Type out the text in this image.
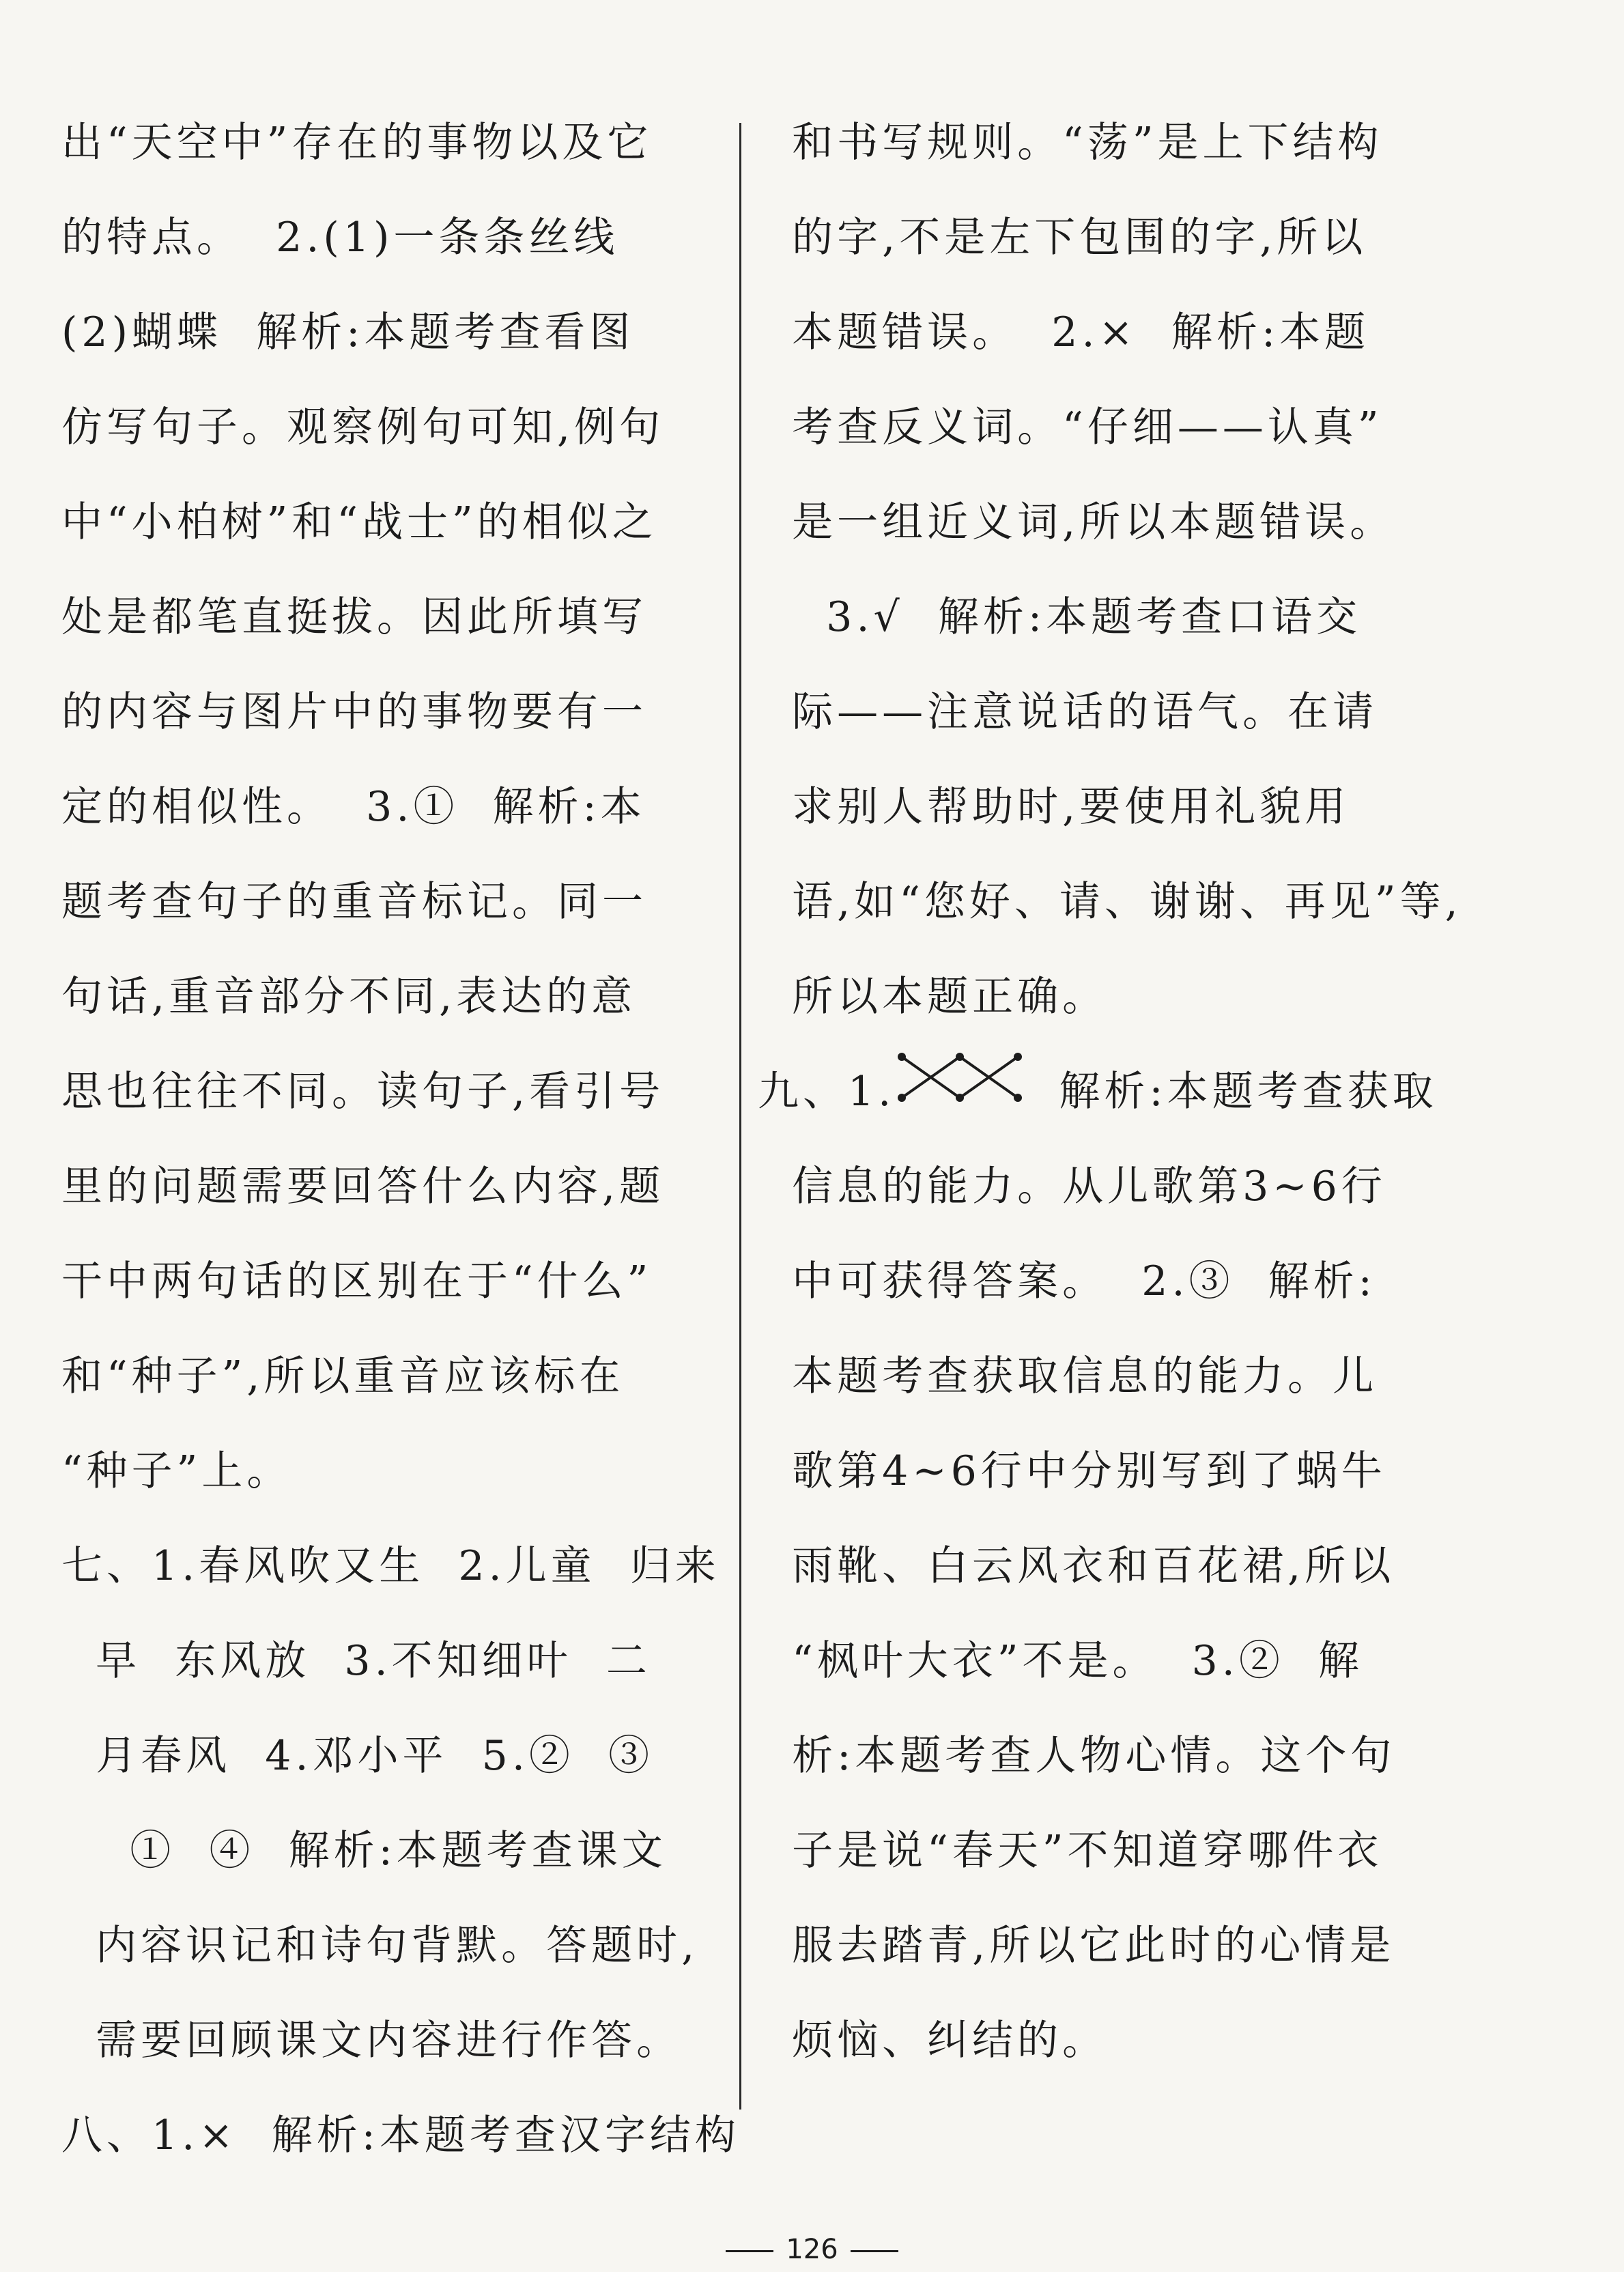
出“天空中”存在的事物以及它
的特点。  2.(1)一条条丝线
(2)蝴蝶  解析:本题考查看图
仿写句子。观察例句可知,例句
中“小柏树”和“战士”的相似之
处是都笔直挺拔。因此所填写
的内容与图片中的事物要有一
定的相似性。  3.①  解析:本
题考查句子的重音标记。同一
句话,重音部分不同,表达的意
思也往往不同。读句子,看引号
里的问题需要回答什么内容,题
干中两句话的区别在于“什么”
和“种子”,所以重音应该标在
“种子”上。
七、1.春风吹又生  2.儿童  归来
早  东风放  3.不知细叶  二
月春风  4.邓小平  5.②  ③
①  ④  解析:本题考查课文
内容识记和诗句背默。答题时,
需要回顾课文内容进行作答。
八、1.×  解析:本题考查汉字结构
和书写规则。“荡”是上下结构
的字,不是左下包围的字,所以
本题错误。  2.×  解析:本题
考查反义词。“仔细——认真”
是一组近义词,所以本题错误。
3.√  解析:本题考查口语交
际——注意说话的语气。在请
求别人帮助时,要使用礼貌用
语,如“您好、请、谢谢、再见”等,
所以本题正确。
九、1.	解析:本题考查获取
信息的能力。从儿歌第3~6行
中可获得答案。  2.③  解析:
本题考查获取信息的能力。儿
歌第4~6行中分别写到了蜗牛
雨靴、白云风衣和百花裙,所以
“枫叶大衣”不是。  3.②  解
析:本题考查人物心情。这个句
子是说“春天”不知道穿哪件衣
服去踏青,所以它此时的心情是
烦恼、纠结的。
126
